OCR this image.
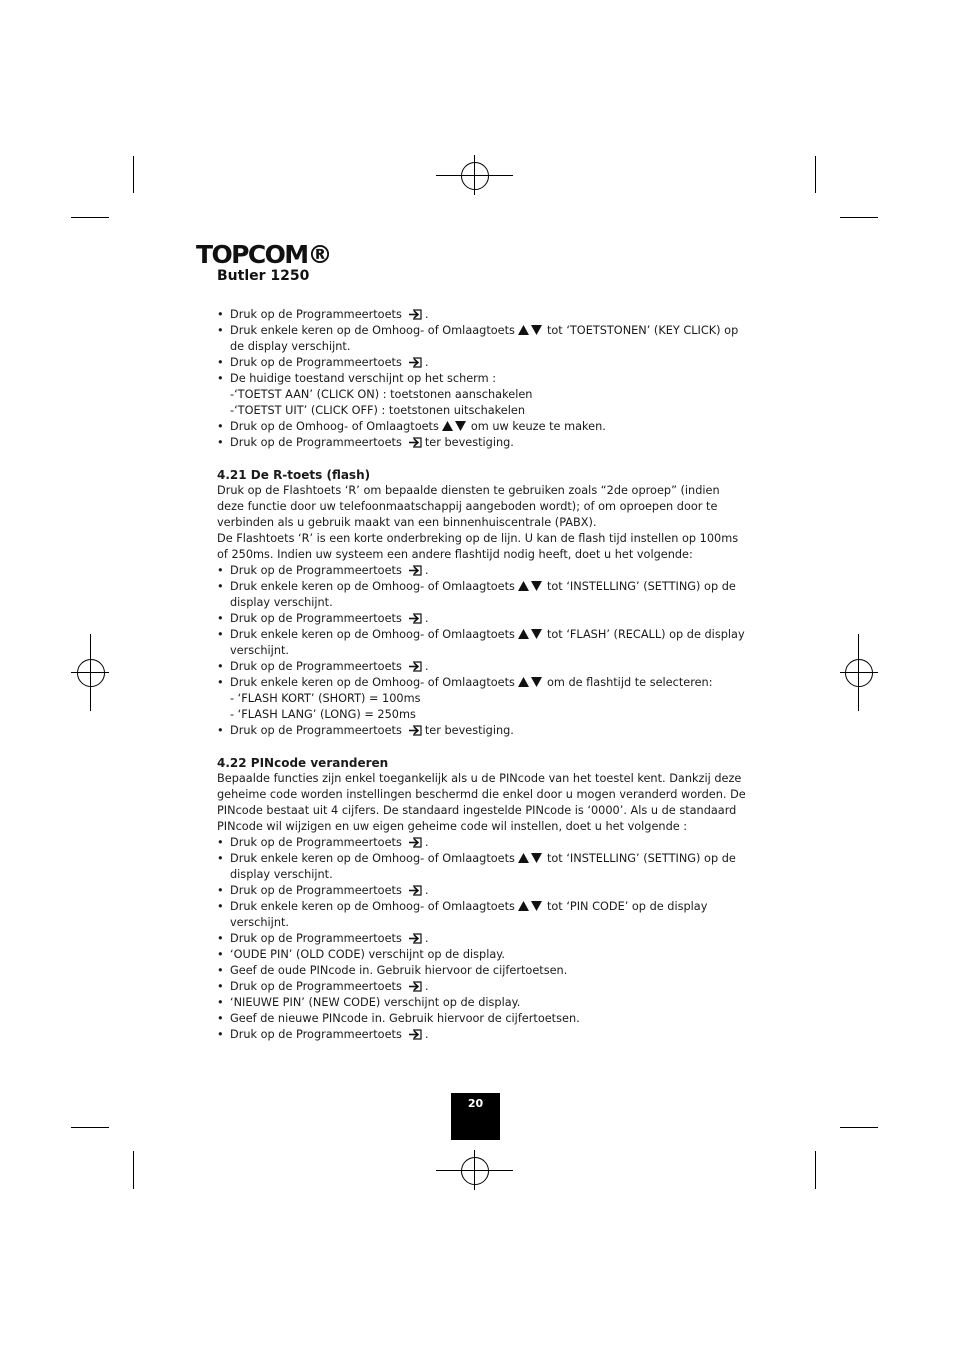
TOPCOM®
Butler 1250
• Druk op de Programmeertoets .
• Druk enkele keren op de Omhoog- of Omlaagtoets	tot ‘TOETSTONEN’ (KEY CLICK) op de display verschijnt.
• Druk op de Programmeertoets .
• De huidige toestand verschijnt op het scherm :
-‘TOETST AAN’ (CLICK ON) : toetstonen aanschakelen
-‘TOETST UIT’ (CLICK OFF) : toetstonen uitschakelen
• Druk op de Omhoog- of Omlaagtoets	om uw keuze te maken.
• Druk op de Programmeertoets ter bevestiging.
4.21 De R-toets (flash)

Druk op de Flashtoets ‘R’ om bepaalde diensten te gebruiken zoals “2de oproep” (indien deze functie door uw telefoonmaatschappij aangeboden wordt); of om oproepen door te verbinden als u gebruik maakt van een binnenhuiscentrale (PABX).

De Flashtoets ‘R’ is een korte onderbreking op de lijn. U kan de flash tijd instellen op 100ms of 250ms. Indien uw systeem een andere flashtijd nodig heeft, doet u het volgende:

• Druk op de Programmeertoets .
• Druk enkele keren op de Omhoog- of Omlaagtoets	tot ‘INSTELLING’ (SETTING) op de display verschijnt.
• Druk op de Programmeertoets .
• Druk enkele keren op de Omhoog- of Omlaagtoets	tot ‘FLASH’ (RECALL) op de display verschijnt.
• Druk op de Programmeertoets .
• Druk enkele keren op de Omhoog- of Omlaagtoets	om de flashtijd te selecteren:
- ‘FLASH KORT’ (SHORT) = 100ms
- ‘FLASH LANG’ (LONG) = 250ms
• Druk op de Programmeertoets ter bevestiging.
4.22 PINcode veranderen

Bepaalde functies zijn enkel toegankelijk als u de PINcode van het toestel kent. Dankzij deze geheime code worden instellingen beschermd die enkel door u mogen veranderd worden. De PINcode bestaat uit 4 cijfers. De standaard ingestelde PINcode is ‘0000’. Als u de standaard PINcode wil wijzigen en uw eigen geheime code wil instellen, doet u het volgende :

• Druk op de Programmeertoets .
• Druk enkele keren op de Omhoog- of Omlaagtoets	tot ‘INSTELLING’ (SETTING) op de display verschijnt.
• Druk op de Programmeertoets .
• Druk enkele keren op de Omhoog- of Omlaagtoets	tot ‘PIN CODE’ op de display verschijnt.
• Druk op de Programmeertoets .
• ‘OUDE PIN’ (OLD CODE) verschijnt op de display.
• Geef de oude PINcode in. Gebruik hiervoor de cijfertoetsen.
• Druk op de Programmeertoets .
• ‘NIEUWE PIN’ (NEW CODE) verschijnt op de display.
• Geef de nieuwe PINcode in. Gebruik hiervoor de cijfertoetsen.
• Druk op de Programmeertoets .
20
